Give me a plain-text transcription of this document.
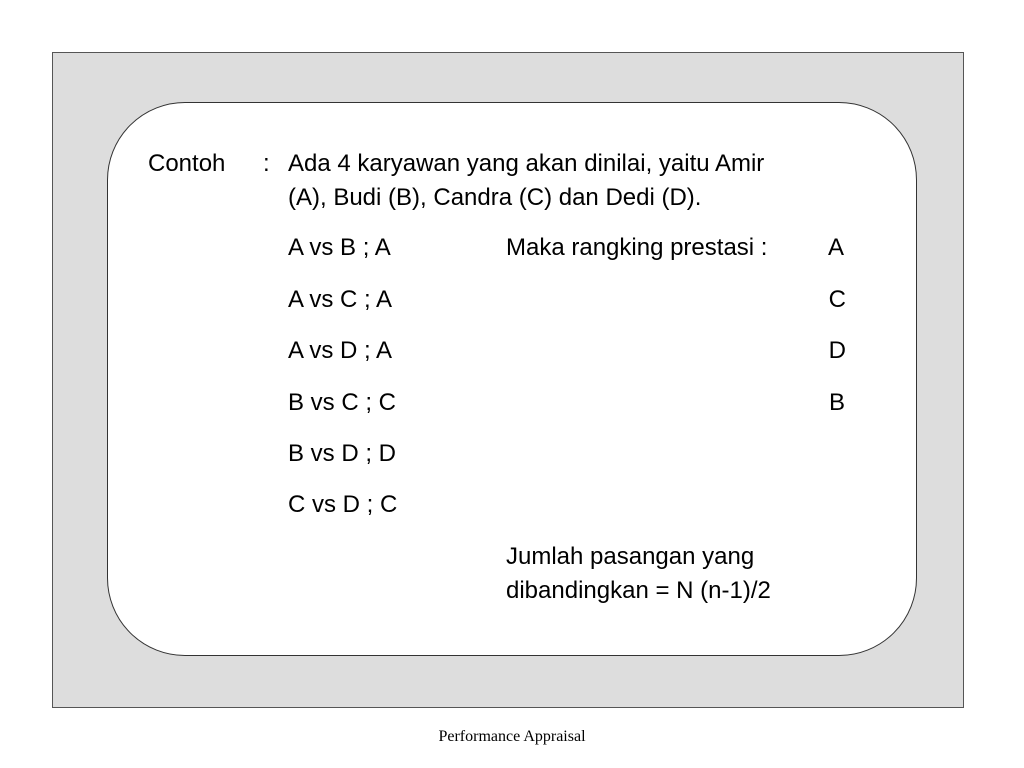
Contoh : Ada 4 karyawan yang akan dinilai, yaitu Amir
(A), Budi (B), Candra (C) dan Dedi (D).
A vs B ; A
A vs C ; A
A vs D ; A
B vs C ; C
B vs D ; D
C vs D ; C
Maka rangking prestasi :	A
C
D
B
Jumlah pasangan yang
dibandingkan = N (n-1)/2
Performance Appraisal
